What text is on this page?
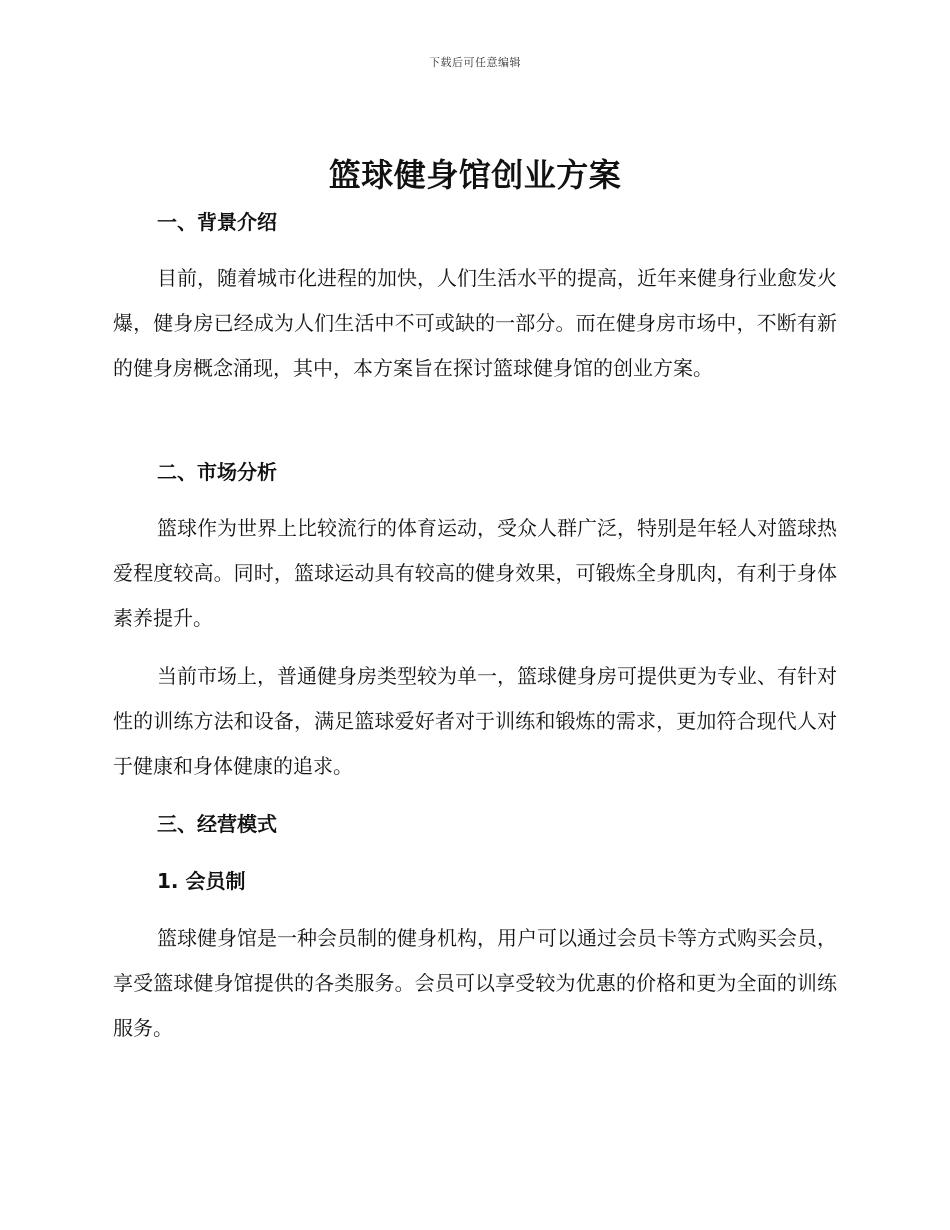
下载后可任意编辑
篮球健身馆创业方案
一、背景介绍

目前，随着城市化进程的加快，人们生活水平的提高，近年来健身行业愈发火爆，健身房已经成为人们生活中不可或缺的一部分。而在健身房市场中，不断有新的健身房概念涌现，其中，本方案旨在探讨篮球健身馆的创业方案。

二、市场分析

篮球作为世界上比较流行的体育运动，受众人群广泛，特别是年轻人对篮球热爱程度较高。同时，篮球运动具有较高的健身效果，可锻炼全身肌肉，有利于身体素养提升。

当前市场上，普通健身房类型较为单一，篮球健身房可提供更为专业、有针对性的训练方法和设备，满足篮球爱好者对于训练和锻炼的需求，更加符合现代人对于健康和身体健康的追求。

三、经营模式
1. 会员制

篮球健身馆是一种会员制的健身机构，用户可以通过会员卡等方式购买会员，享受篮球健身馆提供的各类服务。会员可以享受较为优惠的价格和更为全面的训练服务。
